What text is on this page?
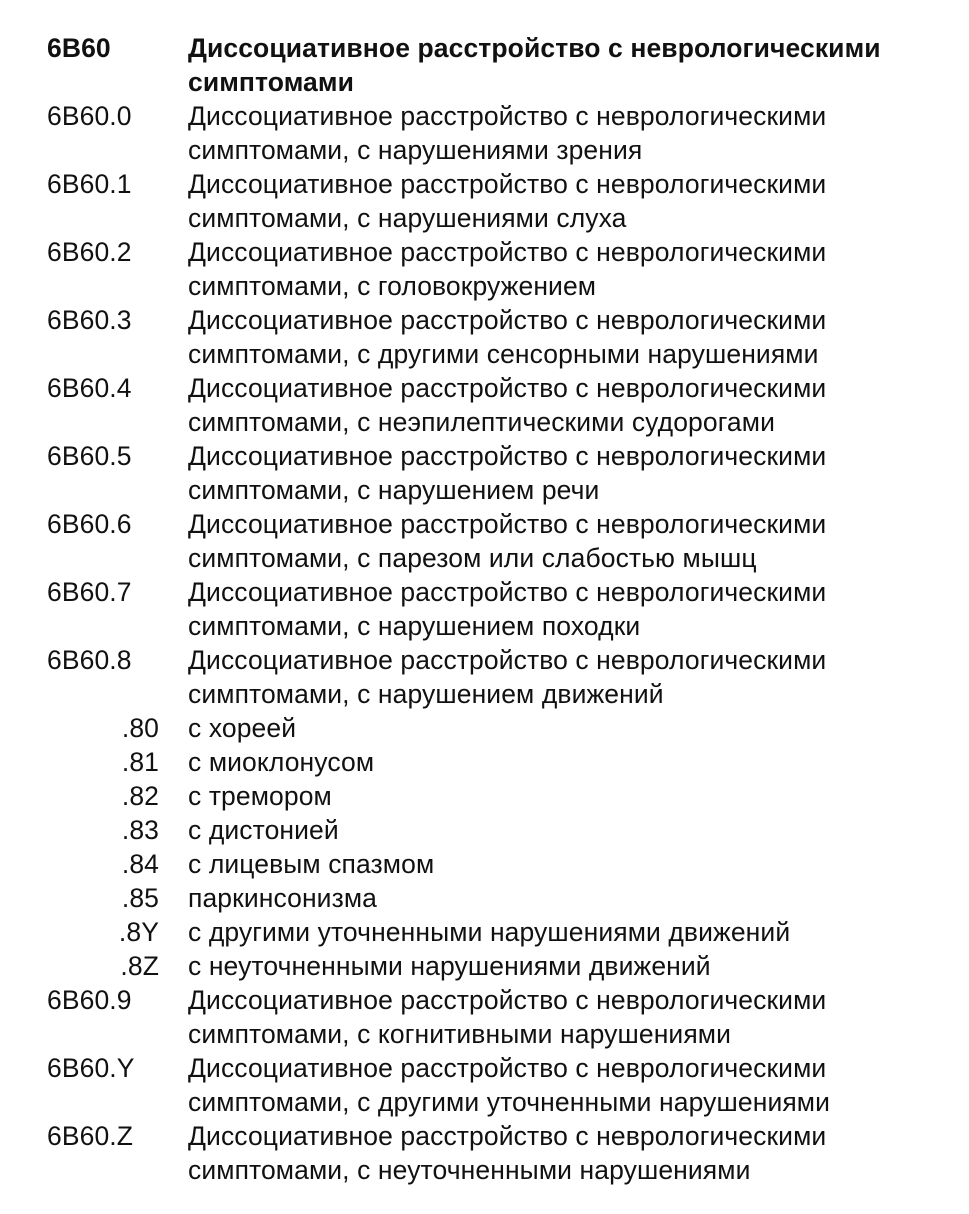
6B60	Диссоциативное расстройство с неврологическими
симптомами
6B60.0	Диссоциативное расстройство с неврологическими
симптомами, с нарушениями зрения
6B60.1	Диссоциативное расстройство с неврологическими
симптомами, с нарушениями слуха
6B60.2	Диссоциативное расстройство с неврологическими
симптомами, с головокружением
6B60.3	Диссоциативное расстройство с неврологическими
симптомами, с другими сенсорными нарушениями
6B60.4	Диссоциативное расстройство с неврологическими
симптомами, с неэпилептическими судорогами
6B60.5	Диссоциативное расстройство с неврологическими
симптомами, с нарушением речи
6B60.6	Диссоциативное расстройство с неврологическими
симптомами, с парезом или слабостью мышц
6B60.7	Диссоциативное расстройство с неврологическими
симптомами, с нарушением походки
6B60.8	Диссоциативное расстройство с неврологическими
симптомами, с нарушением движений
.80	с хореей
.81	с миоклонусом
.82	с тремором
.83	с дистонией
.84	с лицевым спазмом
.85	паркинсонизма
.8Y	с другими уточненными нарушениями движений
.8Z	с неуточненными нарушениями движений
6B60.9	Диссоциативное расстройство с неврологическими
симптомами, с когнитивными нарушениями
6B60.Y	Диссоциативное расстройство с неврологическими
симптомами, с другими уточненными нарушениями
6B60.Z	Диссоциативное расстройство с неврологическими
симптомами, с неуточненными нарушениями
